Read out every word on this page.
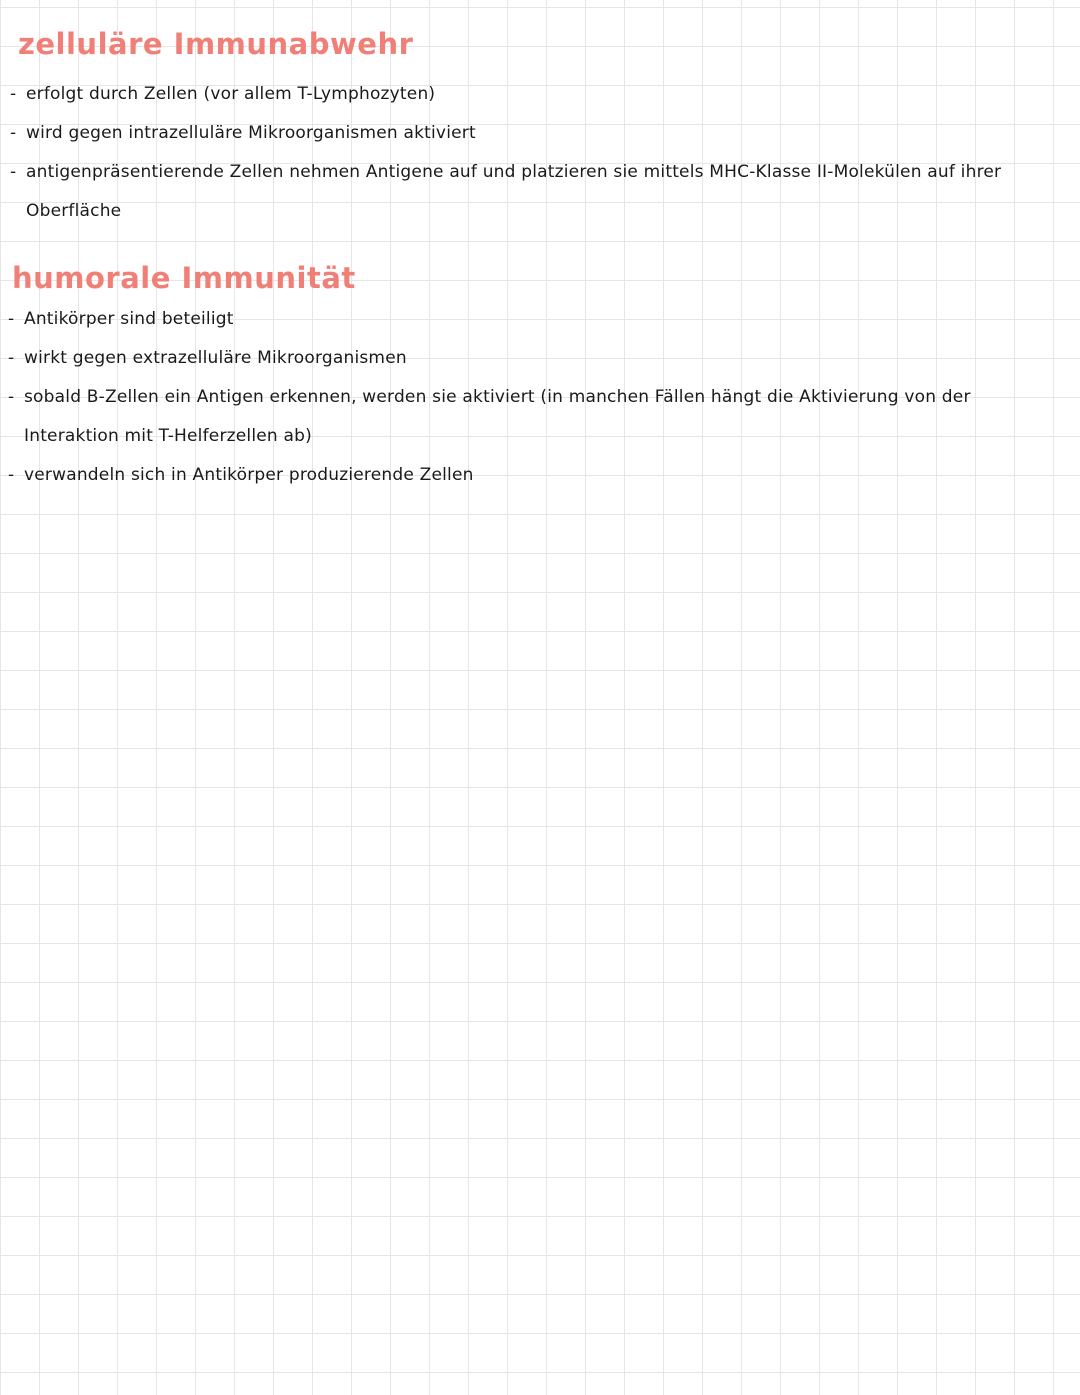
zelluläre Immunabwehr
- erfolgt durch Zellen (vor allem T-Lymphozyten)
- wird gegen intrazelluläre Mikroorganismen aktiviert
- antigenpräsentierende Zellen nehmen Antigene auf und platzieren sie mittels MHC-Klasse II-Molekülen auf ihrer Oberfläche
humorale Immunität
- Antikörper sind beteiligt
- wirkt gegen extrazelluläre Mikroorganismen
- sobald B-Zellen ein Antigen erkennen, werden sie aktiviert (in manchen Fällen hängt die Aktivierung von der Interaktion mit T-Helferzellen ab)
- verwandeln sich in Antikörper produzierende Zellen
